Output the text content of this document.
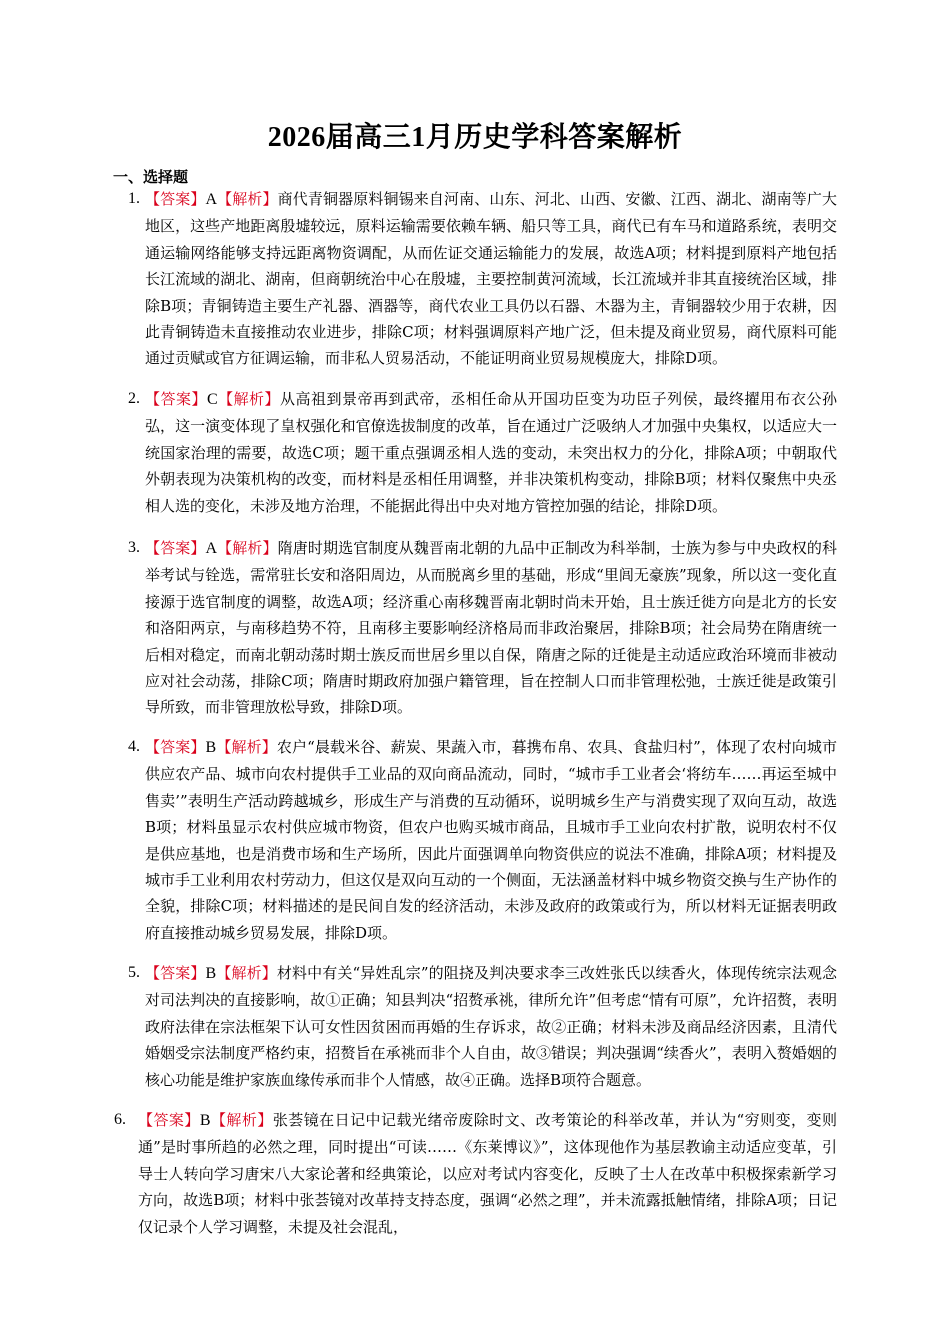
2026届高三1月历史学科答案解析
一、选择题
1. 【答案】A【解析】商代青铜器原料铜锡来自河南、山东、河北、山西、安徽、江西、湖北、湖南等广大地区，这些产地距离殷墟较远，原料运输需要依赖车辆、船只等工具，商代已有车马和道路系统，表明交通运输网络能够支持远距离物资调配，从而佐证交通运输能力的发展，故选A项；材料提到原料产地包括长江流域的湖北、湖南，但商朝统治中心在殷墟，主要控制黄河流域，长江流域并非其直接统治区域，排除B项；青铜铸造主要生产礼器、酒器等，商代农业工具仍以石器、木器为主，青铜器较少用于农耕，因此青铜铸造未直接推动农业进步，排除C项；材料强调原料产地广泛，但未提及商业贸易，商代原料可能通过贡赋或官方征调运输，而非私人贸易活动，不能证明商业贸易规模庞大，排除D项。
2. 【答案】C【解析】从高祖到景帝再到武帝，丞相任命从开国功臣变为功臣子列侯，最终擢用布衣公孙弘，这一演变体现了皇权强化和官僚选拔制度的改革，旨在通过广泛吸纳人才加强中央集权，以适应大一统国家治理的需要，故选C项；题干重点强调丞相人选的变动，未突出权力的分化，排除A项；中朝取代外朝表现为决策机构的改变，而材料是丞相任用调整，并非决策机构变动，排除B项；材料仅聚焦中央丞相人选的变化，未涉及地方治理，不能据此得出中央对地方管控加强的结论，排除D项。
3. 【答案】A【解析】隋唐时期选官制度从魏晋南北朝的九品中正制改为科举制，士族为参与中央政权的科举考试与铨选，需常驻长安和洛阳周边，从而脱离乡里的基础，形成“里闾无豪族”现象，所以这一变化直接源于选官制度的调整，故选A项；经济重心南移魏晋南北朝时尚未开始，且士族迁徙方向是北方的长安和洛阳两京，与南移趋势不符，且南移主要影响经济格局而非政治聚居，排除B项；社会局势在隋唐统一后相对稳定，而南北朝动荡时期士族反而世居乡里以自保，隋唐之际的迁徙是主动适应政治环境而非被动应对社会动荡，排除C项；隋唐时期政府加强户籍管理，旨在控制人口而非管理松弛，士族迁徙是政策引导所致，而非管理放松导致，排除D项。
4. 【答案】B【解析】农户“晨载米谷、薪炭、果蔬入市，暮携布帛、农具、食盐归村”，体现了农村向城市供应农产品、城市向农村提供手工业品的双向商品流动，同时，“城市手工业者会‘将纺车……再运至城中售卖’”表明生产活动跨越城乡，形成生产与消费的互动循环，说明城乡生产与消费实现了双向互动，故选B项；材料虽显示农村供应城市物资，但农户也购买城市商品，且城市手工业向农村扩散，说明农村不仅是供应基地，也是消费市场和生产场所，因此片面强调单向物资供应的说法不准确，排除A项；材料提及城市手工业利用农村劳动力，但这仅是双向互动的一个侧面，无法涵盖材料中城乡物资交换与生产协作的全貌，排除C项；材料描述的是民间自发的经济活动，未涉及政府的政策或行为，所以材料无证据表明政府直接推动城乡贸易发展，排除D项。
5. 【答案】B【解析】材料中有关“异姓乱宗”的阻挠及判决要求李三改姓张氏以续香火，体现传统宗法观念对司法判决的直接影响，故①正确；知县判决“招赘承祧，律所允许”但考虑“情有可原”，允许招赘，表明政府法律在宗法框架下认可女性因贫困而再婚的生存诉求，故②正确；材料未涉及商品经济因素，且清代婚姻受宗法制度严格约束，招赘旨在承祧而非个人自由，故③错误；判决强调“续香火”，表明入赘婚姻的核心功能是维护家族血缘传承而非个人情感，故④正确。选择B项符合题意。
6. 【答案】B【解析】张荟镜在日记中记载光绪帝废除时文、改考策论的科举改革，并认为“穷则变，变则通”是时事所趋的必然之理，同时提出“可读……《东莱博议》”，这体现他作为基层教谕主动适应变革，引导士人转向学习唐宋八大家论著和经典策论，以应对考试内容变化，反映了士人在改革中积极探索新学习方向，故选B项；材料中张荟镜对改革持支持态度，强调“必然之理”，并未流露抵触情绪，排除A项；日记仅记录个人学习调整，未提及社会混乱，
